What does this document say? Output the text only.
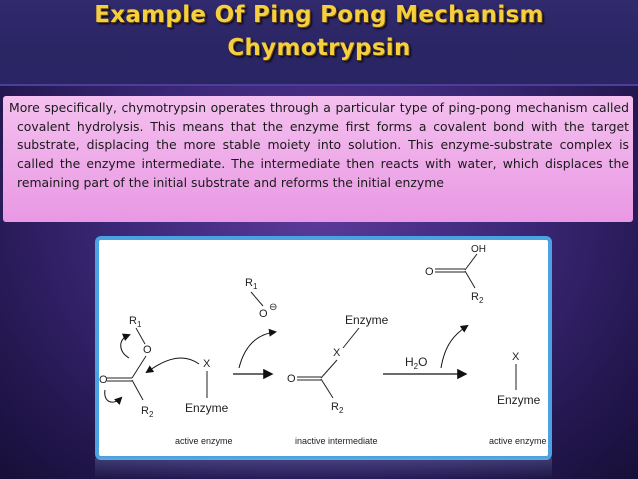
Example Of Ping Pong Mechanism
Chymotrypsin

More specifically, chymotrypsin operates through a particular type of ping-pong mechanism called covalent hydrolysis. This means that the enzyme first forms a covalent bond with the target substrate, displacing the more stable moiety into solution. This enzyme-substrate complex is called the enzyme intermediate. The intermediate then reacts with water, which displaces the remaining part of the initial substrate and reforms the initial enzyme

$R_1$
O
O
$R_2$
X
Enzyme
$R_1$
O
⊖
Enzyme
X
O
$R_2$
$H_2O$
OH
O
$R_2$
X
Enzyme
active enzyme	inactive intermediate	active enzyme
